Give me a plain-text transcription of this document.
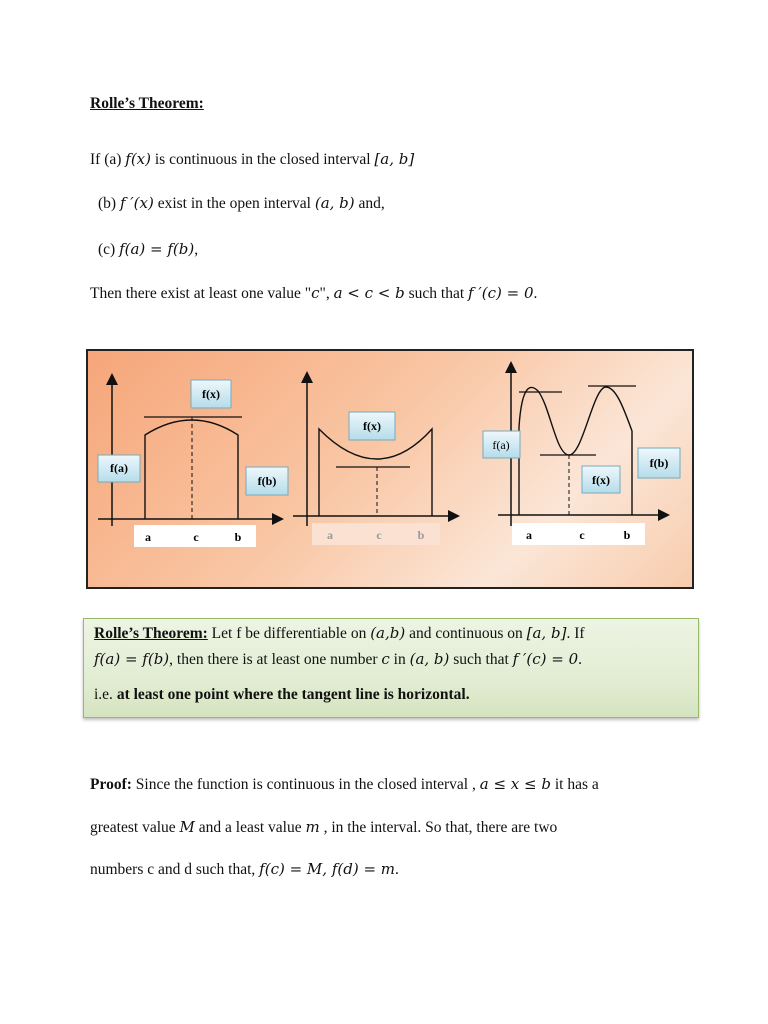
Rolle’s Theorem:
If (a) f(x) is continuous in the closed interval [a, b]
(b) f ′(x) exist in the open interval (a, b) and,
(c) f(a) = f(b),
Then there exist at least one value "c", a < c < b such that f ′(c) = 0.
f(x)
f(a)
f(b)
a	c	b
f(x)
a	c	b
f(a)
f(b)
f(x)
a	c	b
Rolle’s Theorem: Let f be differentiable on (a,b) and continuous on [a, b]. If
f(a) = f(b), then there is at least one number c in (a, b) such that f ′(c) = 0.
i.e. at least one point where the tangent line is horizontal.
Proof: Since the function is continuous in the closed interval , a ≤ x ≤ b it has a
greatest value M and a least value m , in the interval. So that, there are two
numbers c and d such that, f(c) = M, f(d) = m.
